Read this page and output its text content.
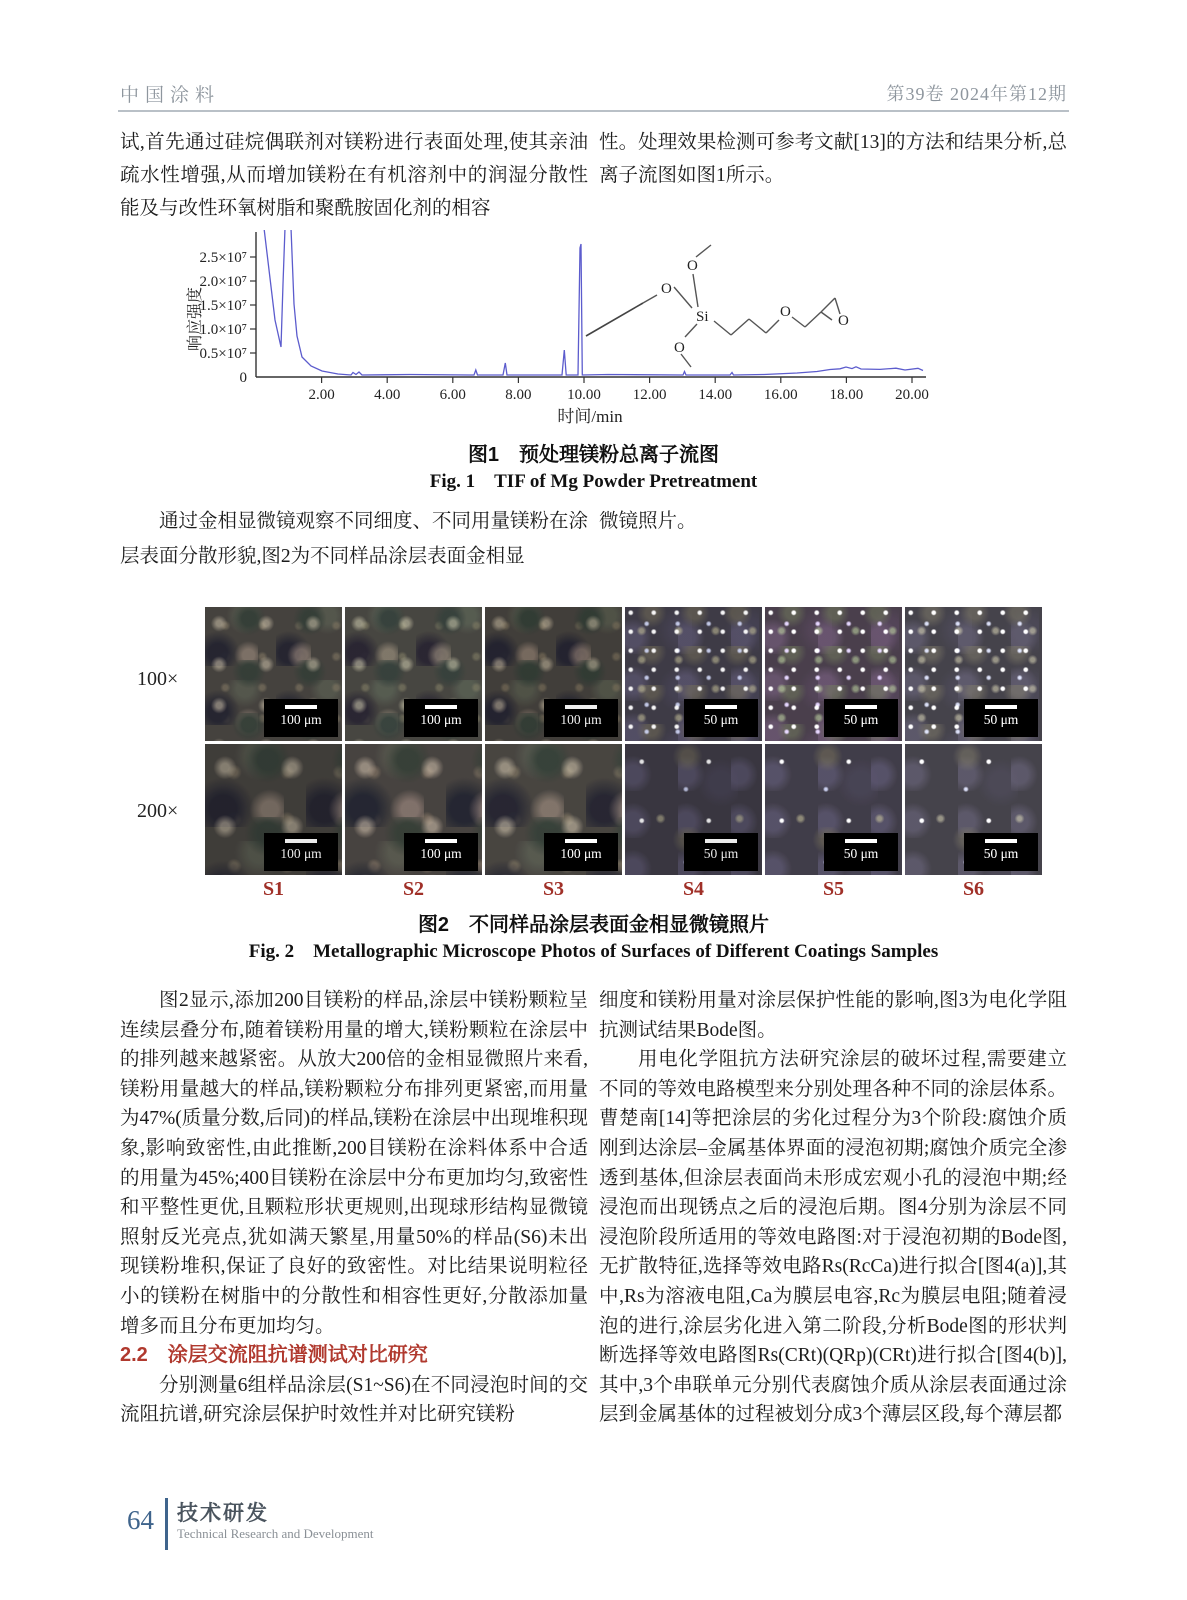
中国涂料	第39卷 2024年第12期

试,首先通过硅烷偶联剂对镁粉进行表面处理,使其亲油疏水性增强,从而增加镁粉在有机溶剂中的润湿分散性能及与改性环氧树脂和聚酰胺固化剂的相容

性。处理效果检测可参考文献[13]的方法和结果分析,总离子流图如图1所示。

2.5×10⁷
2.0×10⁷
1.5×10⁷
1.0×10⁷
0.5×10⁷
0
2.00	4.00	6.00	8.00 10.00 12.00 14.00 16.00 18.00 20.00
响应强度
时间/min
O
O
O
Si	O
O
图1　预处理镁粉总离子流图
Fig. 1　TIF of Mg Powder Pretreatment

通过金相显微镜观察不同细度、不同用量镁粉在涂层表面分散形貌,图2为不同样品涂层表面金相显

微镜照片。

100×
200×
100 μm	100 μm	100 μm	50 μm	50 μm	50 μm
100 μm	100 μm	100 μm	50 μm	50 μm	50 μm
S1	S2	S3	S4	S5	S6
图2　不同样品涂层表面金相显微镜照片
Fig. 2　Metallographic Microscope Photos of Surfaces of Different Coatings Samples

图2显示,添加200目镁粉的样品,涂层中镁粉颗粒呈连续层叠分布,随着镁粉用量的增大,镁粉颗粒在涂层中的排列越来越紧密。从放大200倍的金相显微照片来看,镁粉用量越大的样品,镁粉颗粒分布排列更紧密,而用量为47%(质量分数,后同)的样品,镁粉在涂层中出现堆积现象,影响致密性,由此推断,200目镁粉在涂料体系中合适的用量为45%;400目镁粉在涂层中分布更加均匀,致密性和平整性更优,且颗粒形状更规则,出现球形结构显微镜照射反光亮点,犹如满天繁星,用量50%的样品(S6)未出现镁粉堆积,保证了良好的致密性。对比结果说明粒径小的镁粉在树脂中的分散性和相容性更好,分散添加量增多而且分布更加均匀。

2.2　涂层交流阻抗谱测试对比研究

分别测量6组样品涂层(S1~S6)在不同浸泡时间的交流阻抗谱,研究涂层保护时效性并对比研究镁粉

细度和镁粉用量对涂层保护性能的影响,图3为电化学阻抗测试结果Bode图。

用电化学阻抗方法研究涂层的破坏过程,需要建立不同的等效电路模型来分别处理各种不同的涂层体系。曹楚南[14]等把涂层的劣化过程分为3个阶段:腐蚀介质刚到达涂层–金属基体界面的浸泡初期;腐蚀介质完全渗透到基体,但涂层表面尚未形成宏观小孔的浸泡中期;经浸泡而出现锈点之后的浸泡后期。图4分别为涂层不同浸泡阶段所适用的等效电路图:对于浸泡初期的Bode图,无扩散特征,选择等效电路Rs(RcCa)进行拟合[图4(a)],其中,Rs为溶液电阻,Ca为膜层电容,Rc为膜层电阻;随着浸泡的进行,涂层劣化进入第二阶段,分析Bode图的形状判断选择等效电路图Rs(CRt)(QRp)(CRt)进行拟合[图4(b)],其中,3个串联单元分别代表腐蚀介质从涂层表面通过涂层到金属基体的过程被划分成3个薄层区段,每个薄层都

64 技术研发
Technical Research and Development
